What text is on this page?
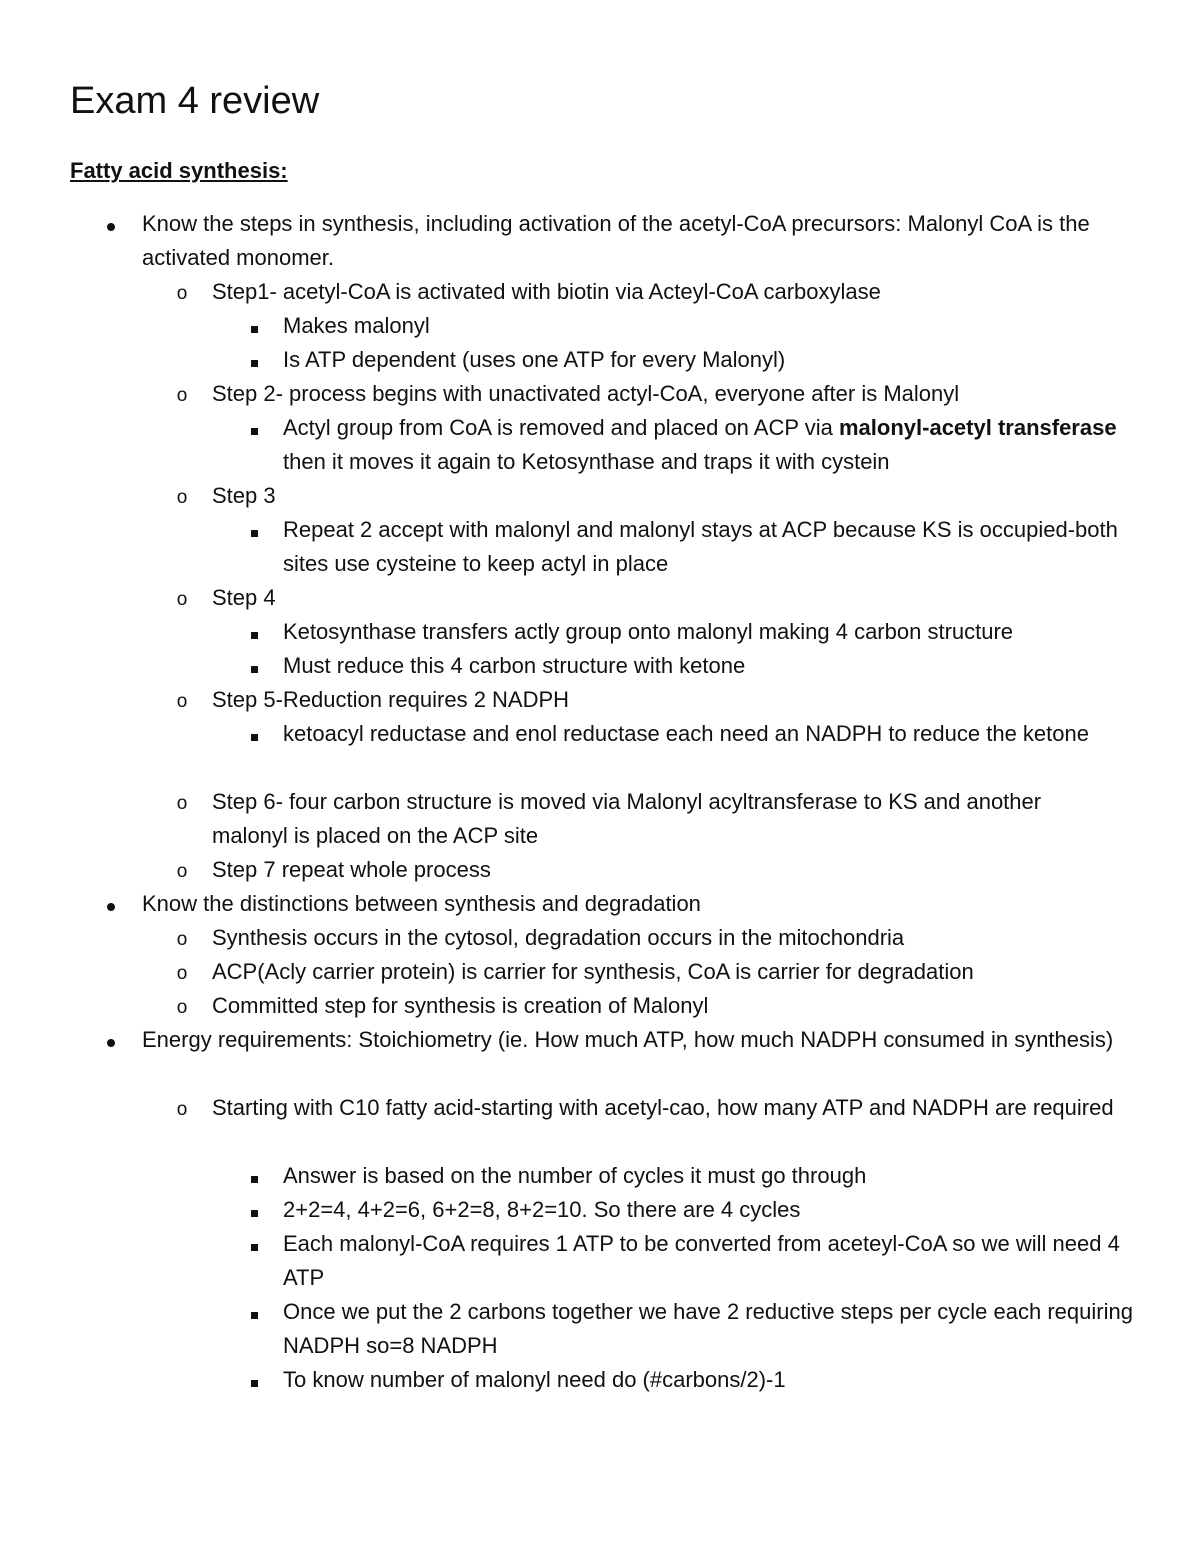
Exam 4 review
Fatty acid synthesis:
Know the steps in synthesis, including activation of the acetyl-CoA precursors: Malonyl CoA is the activated monomer.
o Step1- acetyl-CoA is activated with biotin via Acteyl-CoA carboxylase
Makes malonyl
Is ATP dependent (uses one ATP for every Malonyl)
o Step 2- process begins with unactivated actyl-CoA, everyone after is Malonyl
Actyl group from CoA is removed and placed on ACP via malonyl-acetyl transferase then it moves it again to Ketosynthase and traps it with cystein
o Step 3
Repeat 2 accept with malonyl and malonyl stays at ACP because KS is occupied-both sites use cysteine to keep actyl in place
o Step 4
Ketosynthase transfers actly group onto malonyl making 4 carbon structure
Must reduce this 4 carbon structure with ketone
o Step 5-Reduction requires 2 NADPH
ketoacyl reductase and enol reductase each need an NADPH to reduce the ketone
o Step 6- four carbon structure is moved via Malonyl acyltransferase to KS and another malonyl is placed on the ACP site
o Step 7 repeat whole process
Know the distinctions between synthesis and degradation
o Synthesis occurs in the cytosol, degradation occurs in the mitochondria
o ACP(Acly carrier protein) is carrier for synthesis, CoA is carrier for degradation
o Committed step for synthesis is creation of Malonyl
Energy requirements: Stoichiometry (ie. How much ATP, how much NADPH consumed in synthesis)
o Starting with C10 fatty acid-starting with acetyl-cao, how many ATP and NADPH are required
Answer is based on the number of cycles it must go through
2+2=4, 4+2=6, 6+2=8, 8+2=10. So there are 4 cycles
Each malonyl-CoA requires 1 ATP to be converted from aceteyl-CoA so we will need 4 ATP
Once we put the 2 carbons together we have 2 reductive steps per cycle each requiring NADPH so=8 NADPH
To know number of malonyl need do (#carbons/2)-1
